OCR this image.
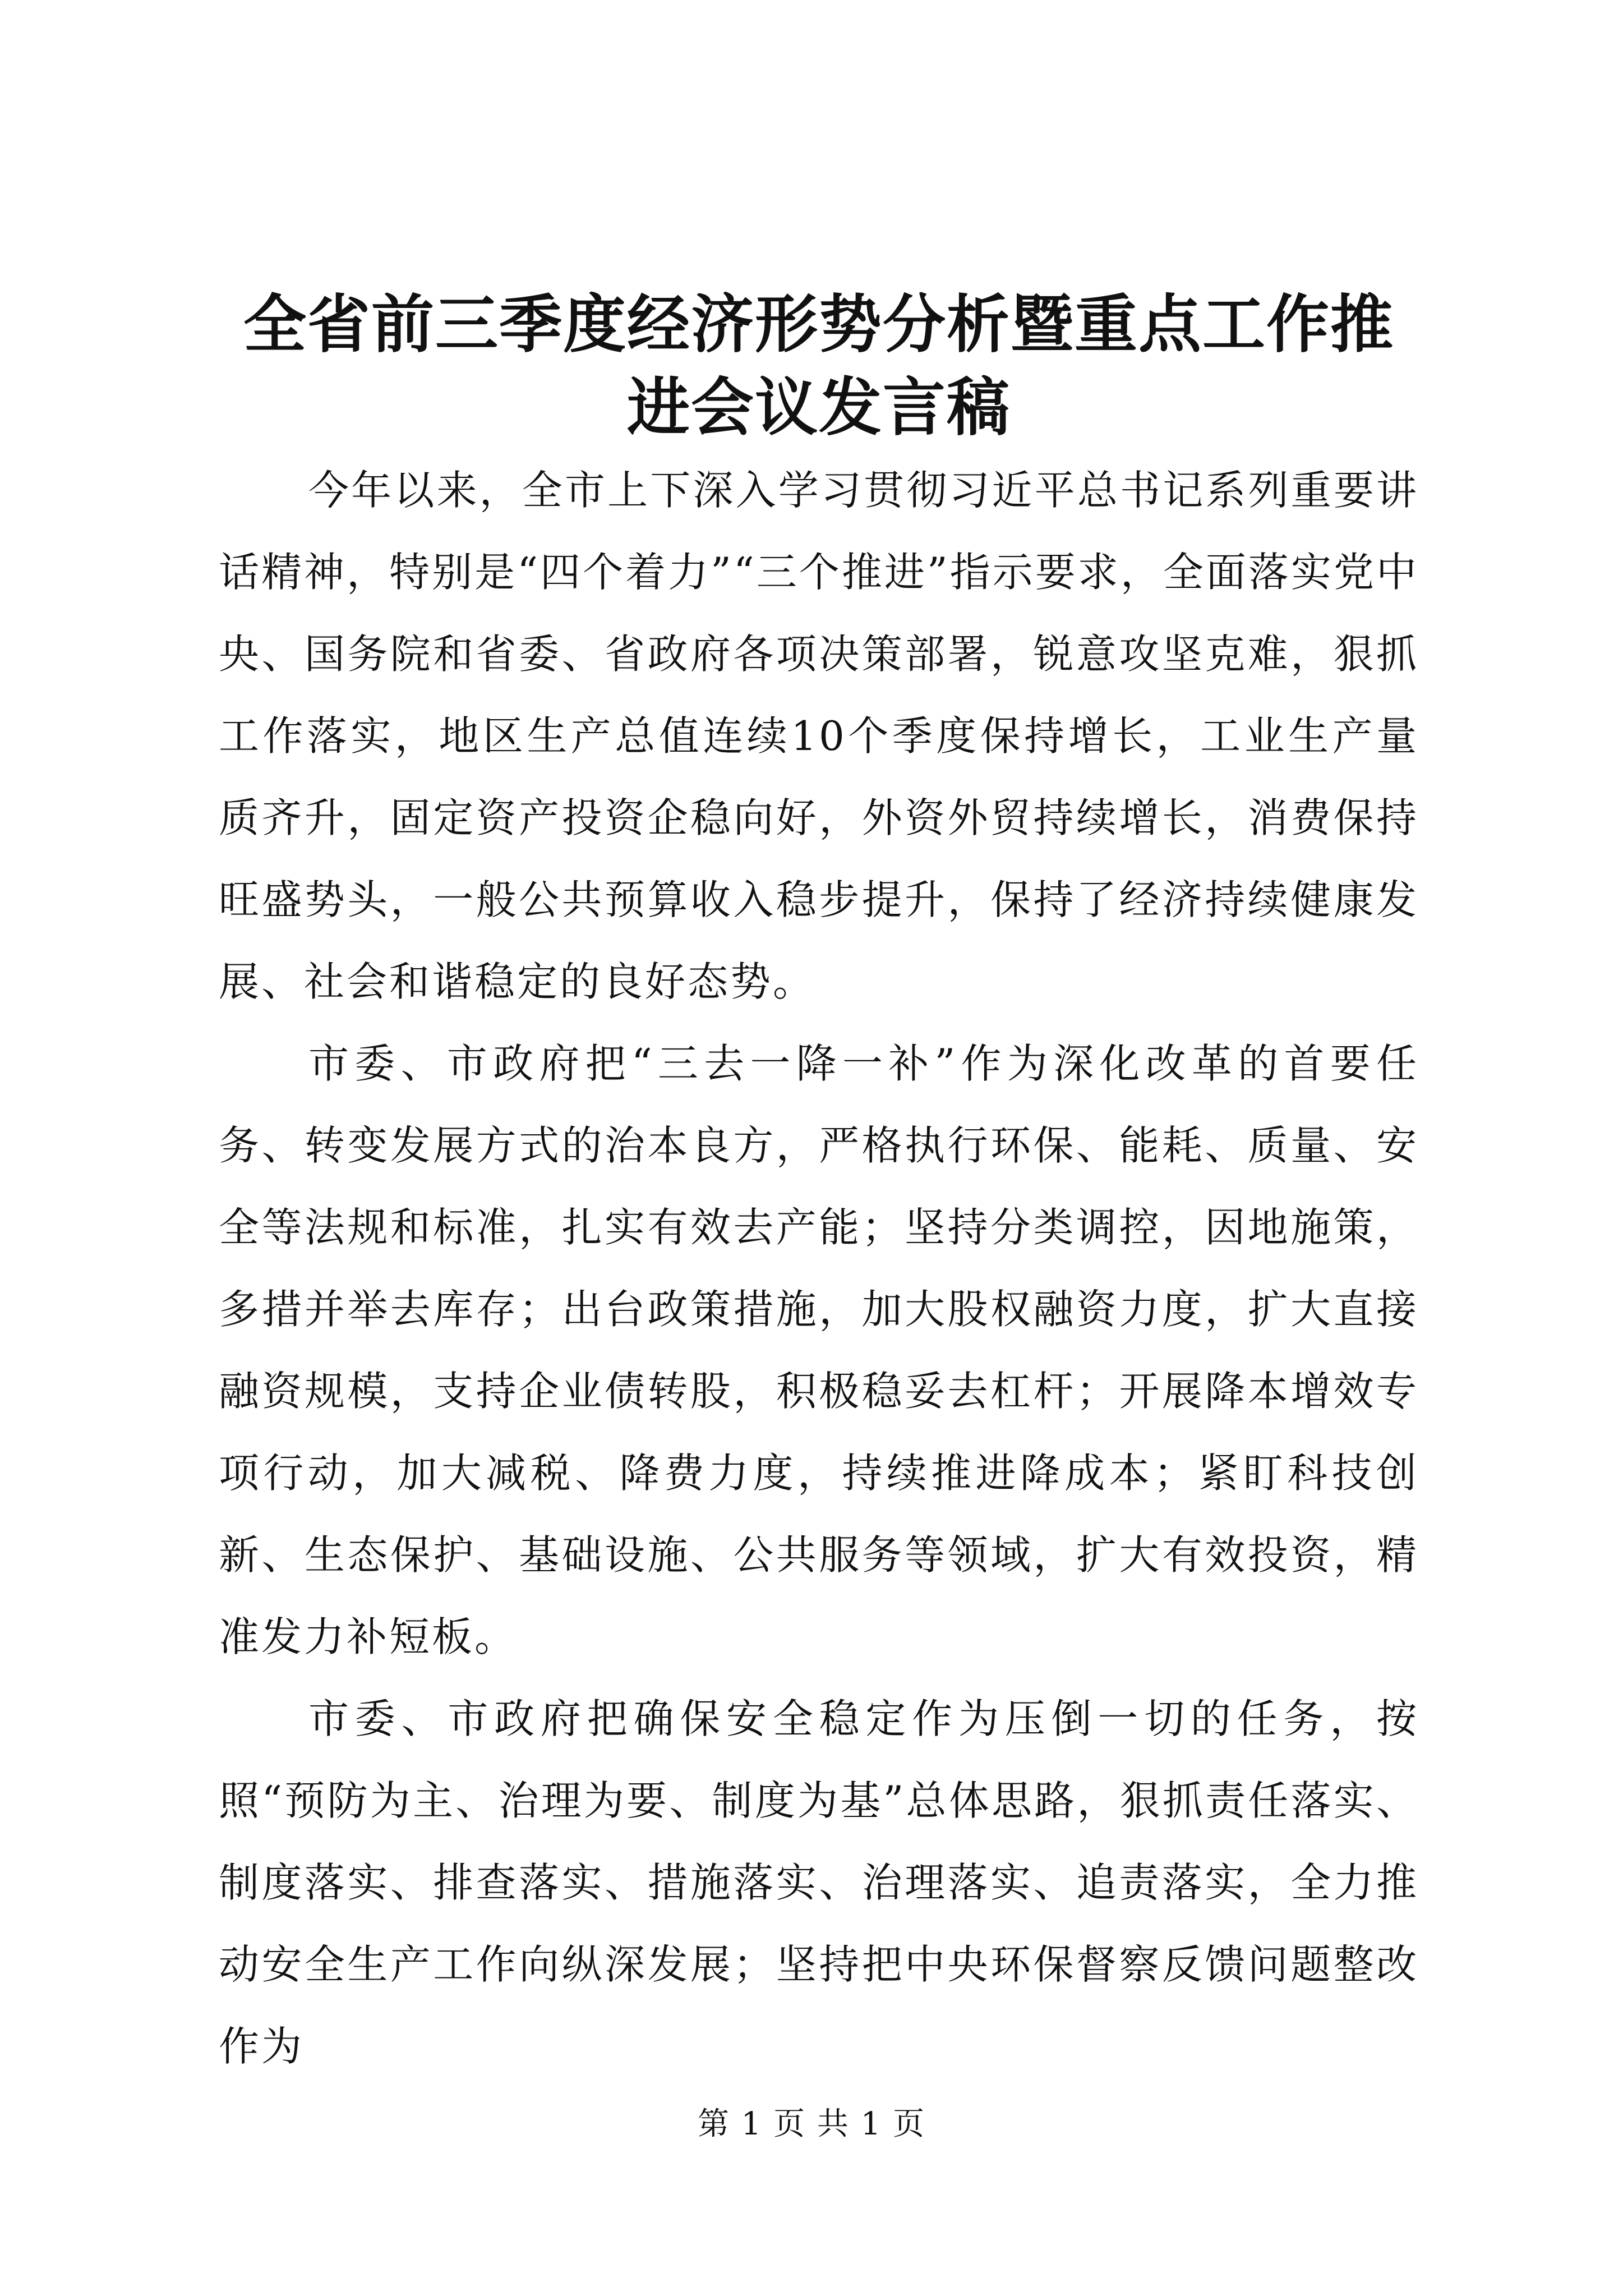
全省前三季度经济形势分析暨重点工作推进会议发言稿

今年以来，全市上下深入学习贯彻习近平总书记系列重要讲话精神，特别是“四个着力”“三个推进”指示要求，全面落实党中央、国务院和省委、省政府各项决策部署，锐意攻坚克难，狠抓工作落实，地区生产总值连续10个季度保持增长，工业生产量质齐升，固定资产投资企稳向好，外资外贸持续增长，消费保持旺盛势头，一般公共预算收入稳步提升，保持了经济持续健康发展、社会和谐稳定的良好态势。

市委、市政府把“三去一降一补”作为深化改革的首要任务、转变发展方式的治本良方，严格执行环保、能耗、质量、安全等法规和标准，扎实有效去产能；坚持分类调控，因地施策，多措并举去库存；出台政策措施，加大股权融资力度，扩大直接融资规模，支持企业债转股，积极稳妥去杠杆；开展降本增效专项行动，加大减税、降费力度，持续推进降成本；紧盯科技创新、生态保护、基础设施、公共服务等领域，扩大有效投资，精准发力补短板。

市委、市政府把确保安全稳定作为压倒一切的任务，按照“预防为主、治理为要、制度为基”总体思路，狠抓责任落实、制度落实、排查落实、措施落实、治理落实、追责落实，全力推动安全生产工作向纵深发展；坚持把中央环保督察反馈问题整改作为

第 1 页 共 1 页
